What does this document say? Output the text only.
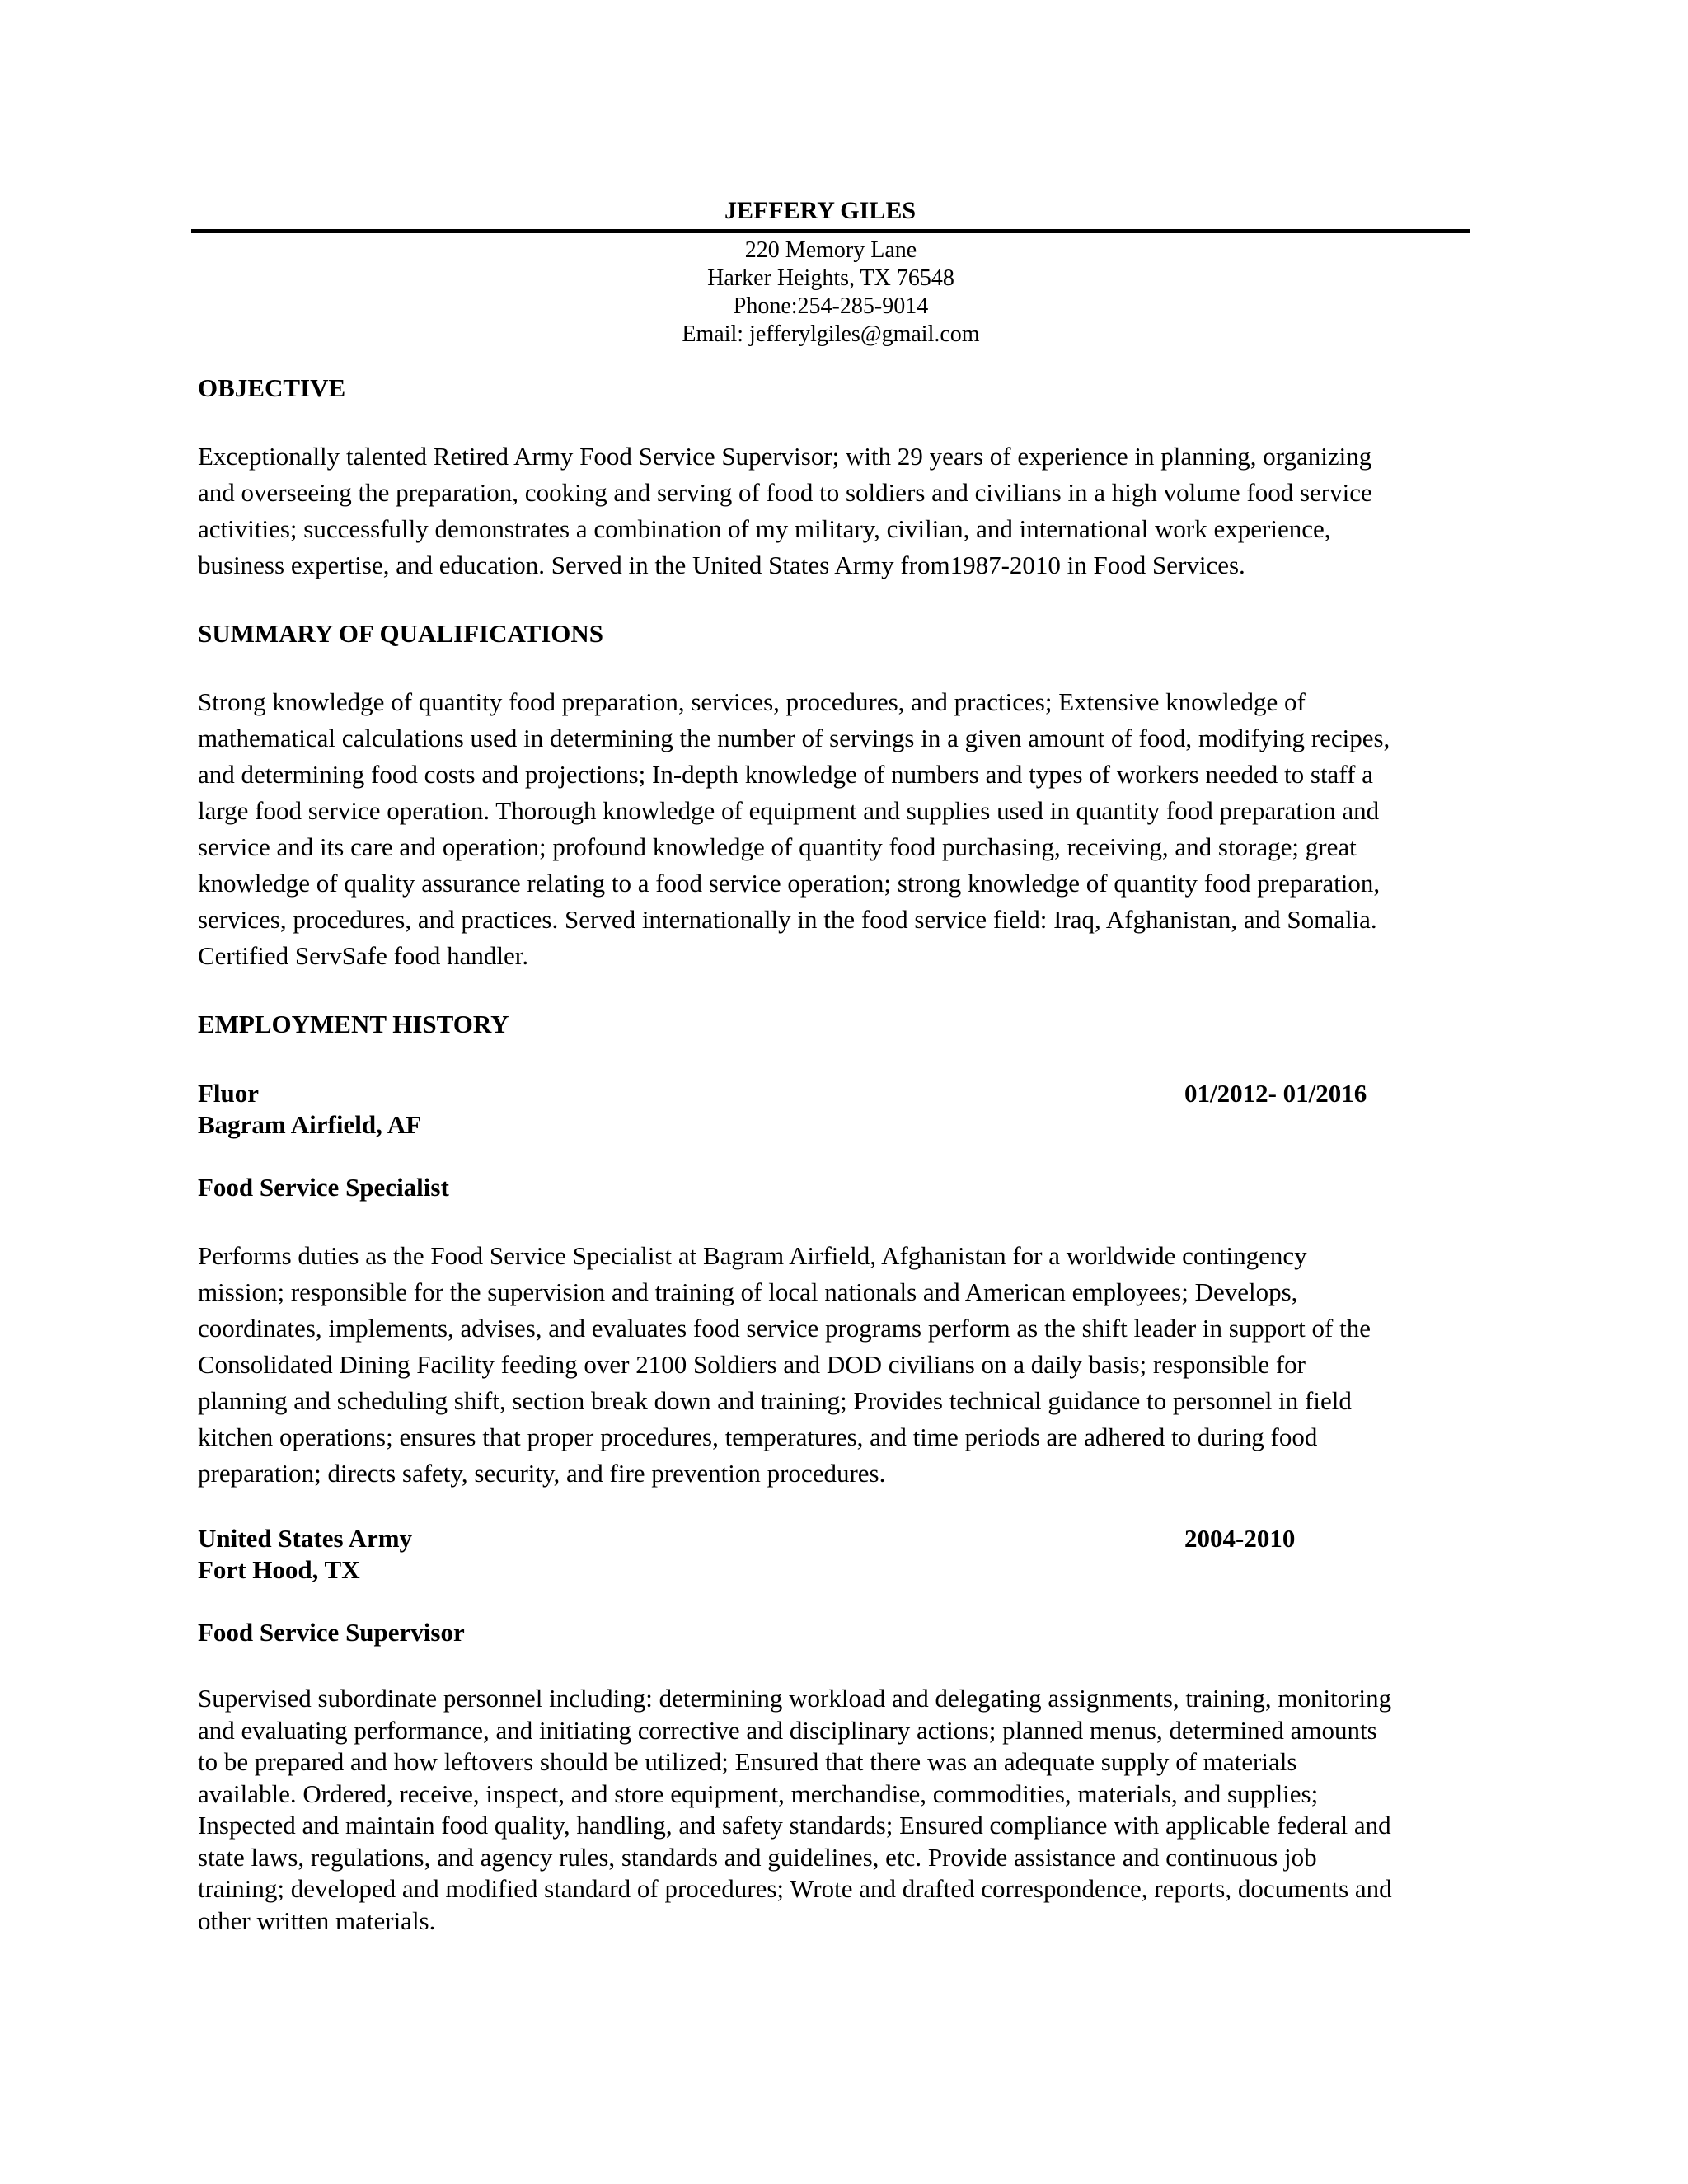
JEFFERY GILES
220 Memory Lane
Harker Heights, TX 76548
Phone:254-285-9014
Email: jefferylgiles@gmail.com
OBJECTIVE

Exceptionally talented Retired Army Food Service Supervisor; with 29 years of experience in planning, organizing
and overseeing the preparation, cooking and serving of food to soldiers and civilians in a high volume food service
activities; successfully demonstrates a combination of my military, civilian, and international work experience,
business expertise, and education. Served in the United States Army from1987-2010 in Food Services.

SUMMARY OF QUALIFICATIONS

Strong knowledge of quantity food preparation, services, procedures, and practices; Extensive knowledge of
mathematical calculations used in determining the number of servings in a given amount of food, modifying recipes,
and determining food costs and projections; In-depth knowledge of numbers and types of workers needed to staff a
large food service operation. Thorough knowledge of equipment and supplies used in quantity food preparation and
service and its care and operation; profound knowledge of quantity food purchasing, receiving, and storage; great
knowledge of quality assurance relating to a food service operation; strong knowledge of quantity food preparation,
services, procedures, and practices. Served internationally in the food service field: Iraq, Afghanistan, and Somalia.
Certified ServSafe food handler.

EMPLOYMENT HISTORY
Fluor	01/2012- 01/2016
Bagram Airfield, AF
Food Service Specialist

Performs duties as the Food Service Specialist at Bagram Airfield, Afghanistan for a worldwide contingency
mission; responsible for the supervision and training of local nationals and American employees; Develops,
coordinates, implements, advises, and evaluates food service programs perform as the shift leader in support of the
Consolidated Dining Facility feeding over 2100 Soldiers and DOD civilians on a daily basis; responsible for
planning and scheduling shift, section break down and training; Provides technical guidance to personnel in field
kitchen operations; ensures that proper procedures, temperatures, and time periods are adhered to during food
preparation; directs safety, security, and fire prevention procedures.

United States Army	2004-2010
Fort Hood, TX
Food Service Supervisor

Supervised subordinate personnel including: determining workload and delegating assignments, training, monitoring
and evaluating performance, and initiating corrective and disciplinary actions; planned menus, determined amounts
to be prepared and how leftovers should be utilized; Ensured that there was an adequate supply of materials
available. Ordered, receive, inspect, and store equipment, merchandise, commodities, materials, and supplies;
Inspected and maintain food quality, handling, and safety standards; Ensured compliance with applicable federal and
state laws, regulations, and agency rules, standards and guidelines, etc. Provide assistance and continuous job
training; developed and modified standard of procedures; Wrote and drafted correspondence, reports, documents and
other written materials.
